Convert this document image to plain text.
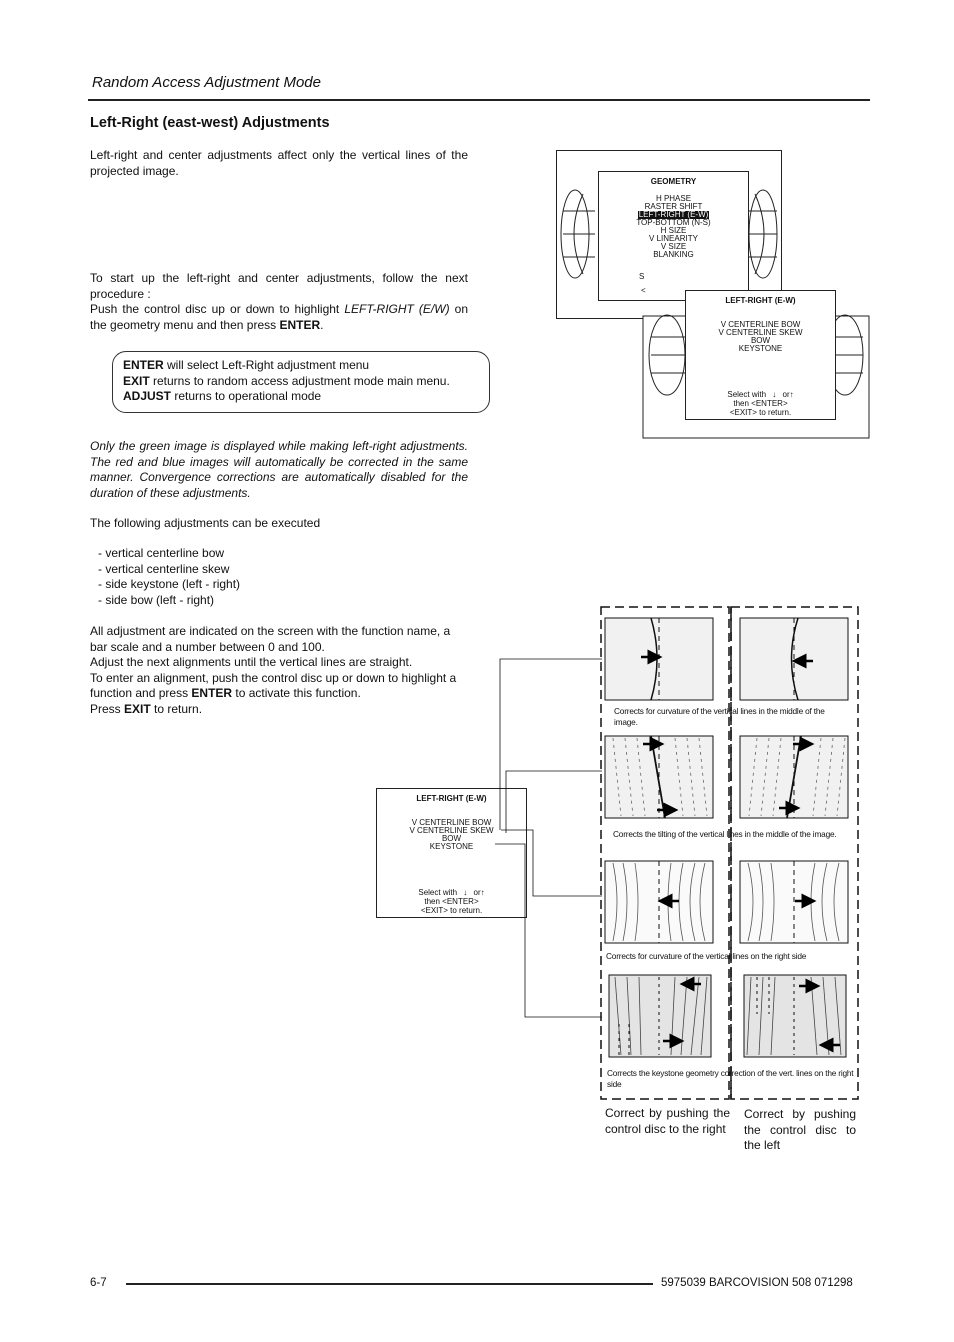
Random Access Adjustment Mode
Left-Right (east-west) Adjustments
Left-right and center adjustments affect only the vertical lines of the projected image.

To start up the left-right and center adjustments, follow the next procedure :

Push the control disc up or down to highlight LEFT-RIGHT (E/W) on the geometry menu and then press ENTER.

ENTER will select Left-Right adjustment menu
EXIT returns to random access adjustment mode main menu.
ADJUST returns to operational mode
Only the green image is displayed while making left-right adjustments. The red and blue images will automatically be corrected in the same manner. Convergence corrections are automatically disabled for the duration of these adjustments.
The following adjustments can be executed
- vertical centerline bow
- vertical centerline skew
- side keystone (left - right)
- side bow (left - right)

All adjustment are indicated on the screen with the function name, a bar scale and a number between 0 and 100.

Adjust the next alignments until the vertical lines are straight.

To enter an alignment, push the control disc up or down to highlight a function and press ENTER to activate this function.

Press EXIT to return.

GEOMETRY
H PHASE
RASTER SHIFT
LEFT-RIGHT (E-W)
TOP-BOTTOM (N-S)
H SIZE
V LINEARITY
V SIZE
BLANKING
S
<
LEFT-RIGHT (E-W)
V CENTERLINE BOW
V CENTERLINE SKEW
BOW
KEYSTONE
Select with ↓ or↑
then <ENTER>
<EXIT> to return.
LEFT-RIGHT (E-W)
V CENTERLINE BOW
V CENTERLINE SKEW
BOW
KEYSTONE
Select with ↓ or↑
then <ENTER>
<EXIT> to return.
Corrects for curvature of the vertical lines in the middle of the image.
Corrects the tilting of the vertical lines in the middle of the image.
Corrects for curvature of the vertical lines on the right side
Corrects the keystone geometry correction of the vert. lines on the right side
Correct by pushing the control disc to the right
Correct by pushing the control disc to the left
6-7	5975039 BARCOVISION 508 071298
